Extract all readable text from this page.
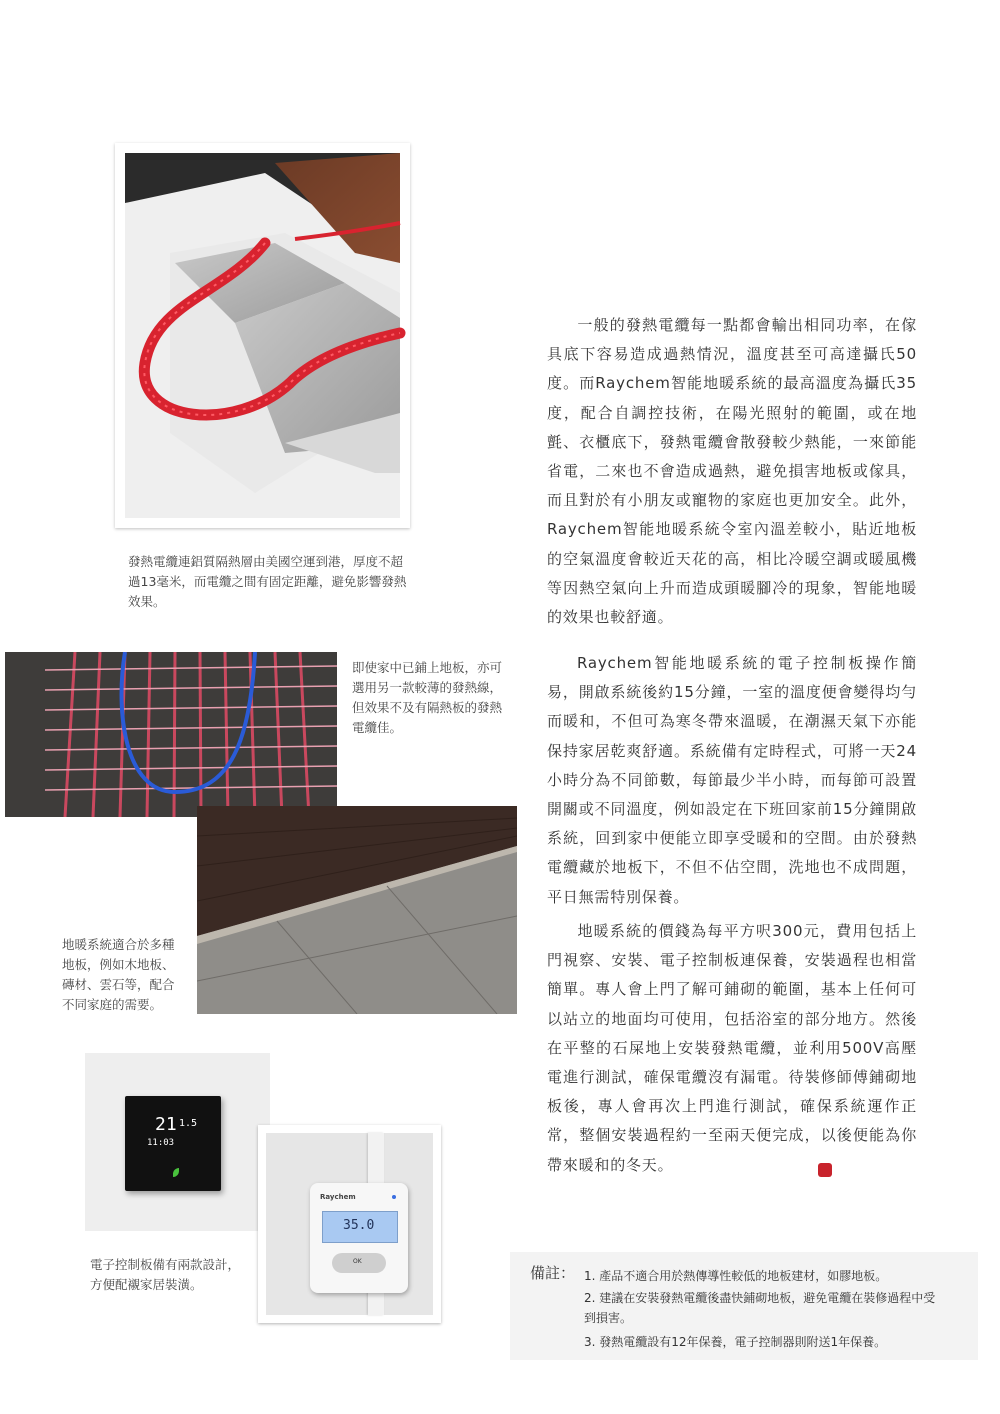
發熱電纜連鋁質隔熱層由美國空運到港，厚度不超過13毫米，而電纜之間有固定距離，避免影響發熱效果。
即使家中已鋪上地板，亦可選用另一款較薄的發熱線，但效果不及有隔熱板的發熱電纜佳。
地暖系統適合於多種地板，例如木地板、磚材、雲石等，配合不同家庭的需要。
21 1.5
11:03
Raychem
35.0
OK
電子控制板備有兩款設計，方便配襯家居裝潢。
一般的發熱電纜每一點都會輸出相同功率，在傢具底下容易造成過熱情況，溫度甚至可高達攝氏50度。而Raychem智能地暖系統的最高溫度為攝氏35度，配合自調控技術，在陽光照射的範圍，或在地氈、衣櫃底下，發熱電纜會散發較少熱能，一來節能省電，二來也不會造成過熱，避免損害地板或傢具，而且對於有小朋友或寵物的家庭也更加安全。此外，Raychem智能地暖系統令室內溫差較小，貼近地板的空氣溫度會較近天花的高，相比冷暖空調或暖風機等因熱空氣向上升而造成頭暖腳冷的現象，智能地暖的效果也較舒適。
Raychem智能地暖系統的電子控制板操作簡易，開啟系統後約15分鐘，一室的溫度便會變得均勻而暖和，不但可為寒冬帶來溫暖，在潮濕天氣下亦能保持家居乾爽舒適。系統備有定時程式，可將一天24小時分為不同節數，每節最少半小時，而每節可設置開關或不同溫度，例如設定在下班回家前15分鐘開啟系統，回到家中便能立即享受暖和的空間。由於發熱電纜藏於地板下，不但不佔空間，洗地也不成問題，平日無需特別保養。
地暖系統的價錢為每平方呎300元，費用包括上門視察、安裝、電子控制板連保養，安裝過程也相當簡單。專人會上門了解可鋪砌的範圍，基本上任何可以站立的地面均可使用，包括浴室的部分地方。然後在平整的石屎地上安裝發熱電纜，並利用500V高壓電進行測試，確保電纜沒有漏電。待裝修師傅鋪砌地板後，專人會再次上門進行測試，確保系統運作正常，整個安裝過程約一至兩天便完成，以後便能為你帶來暖和的冬天。
備註： 1. 產品不適合用於熱傳導性較低的地板建材，如膠地板。
2. 建議在安裝發熱電纜後盡快鋪砌地板，避免電纜在裝修過程中受到損害。
3. 發熱電纜設有12年保養，電子控制器則附送1年保養。
